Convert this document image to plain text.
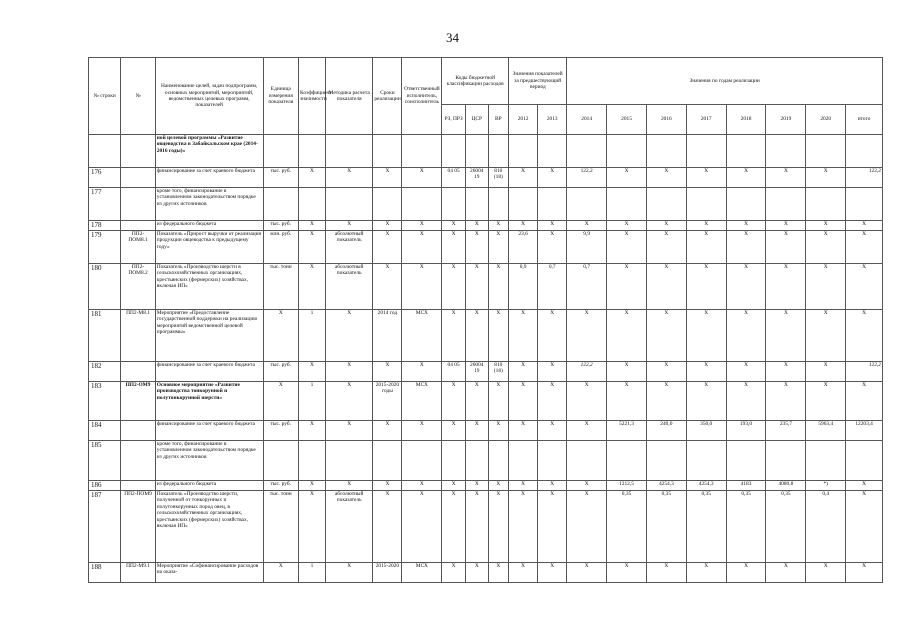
34
№ строки	№	Наименование целей, задач подпрограмм, основных мероприятий, мероприятий, ведомственных целевых программ, показателей	Единица измерения показателя	Коэффициент значимости	Методика расчета показателя	Сроки реализации	Ответственный исполнитель, соисполнитель	Коды бюджетной классификации расходов			Значения показателей за предшествующий период		Значения по годам реализации							
								РЗ, ПРЗ	ЦСР	ВР	2012	2013	2014	2015	2016	2017	2018	2019	2020	итого
		ной целевой программы «Развитие овцеводства в Забайкальском крае (2014-2016 годы)»																		
176		финансирование за счет краевого бюджета	тыс. руб.	X	X	X	X	04 05	26004 19	810 (18)	X	X	122,2	X	X	X	X	X	X	122,2
177		кроме того, финансирование в установленном законодательством порядке из других источников																		
178		из федерального бюджета	тыс. руб.	X	X	X	X	X	X	X	X	X	X	X	X	X	X	X	X	X
179	ПП2-ПОМ8.1	Показатель «Прирост выручки от реализации продукции овцеводства к предыдущему году»	млн. руб.	X	абсолютный показатель	X	X	X	X	X	23,6	X	9,9	X	X	X	X	X	X	X
180	ПП2-ПОМ8.2	Показатель «Производство шерсти в сельскохозяйственных организациях, крестьянских (фермерских) хозяйствах, включая ИП»	тыс. тонн	X	абсолютный показатель	X	X	X	X	X	0,9	0,7	0,7	X	X	X	X	X	X	X
181	ПП2-М8.1	Мероприятие «Предоставление государственной поддержки на реализацию мероприятий ведомственной целевой программы»	X	1	X	2014 год	МСХ	X	X	X	X	X	X	X	X	X	X	X	X	X
182		финансирование за счет краевого бюджета	тыс. руб.	X	X	X	X	04 05	26004 19	810 (18)	X	X	122,2	X	X	X	X	X	X	122,2
183	ПП2-ОМ9	Основное мероприятие «Развитие производства тонкорунной и полутонкорунной шерсти»	X	1	X	2015-2020 годы	МСХ	X	X	X	X	X	X	X	X	X	X	X	X	X
184		финансирование за счет краевого бюджета	тыс. руб.	X	X	X	X	X	X	X	X	X	X	5221,3	240,0	350,0	193,0	235,7	5963,4	12203,4
185		кроме того, финансирование в установленном законодательством порядке из других источников																		
186		из федерального бюджета	тыс. руб.	X	X	X	X	X	X	X	X	X	X	1212,5	4254,3	4254,3	4183	4080,8	*)	X
187	ПП2-ПОМ9	Показатель «Производство шерсти, полученной от тонкорунных и полутонкорунных пород овец, в сельскохозяйственных организациях, крестьянских (фермерских) хозяйствах, включая ИП»	тыс. тонн	X	абсолютный показатель	X	X	X	X	X	X	X	X	0,35	0,35	0,35	0,35	0,35	0,4	X
188	ПП2-М9.1	Мероприятие «Софинансирование расходов на оказа-	X	1	X	2015-2020	МСХ	X	X	X	X	X	X	X	X	X	X	X	X	X
